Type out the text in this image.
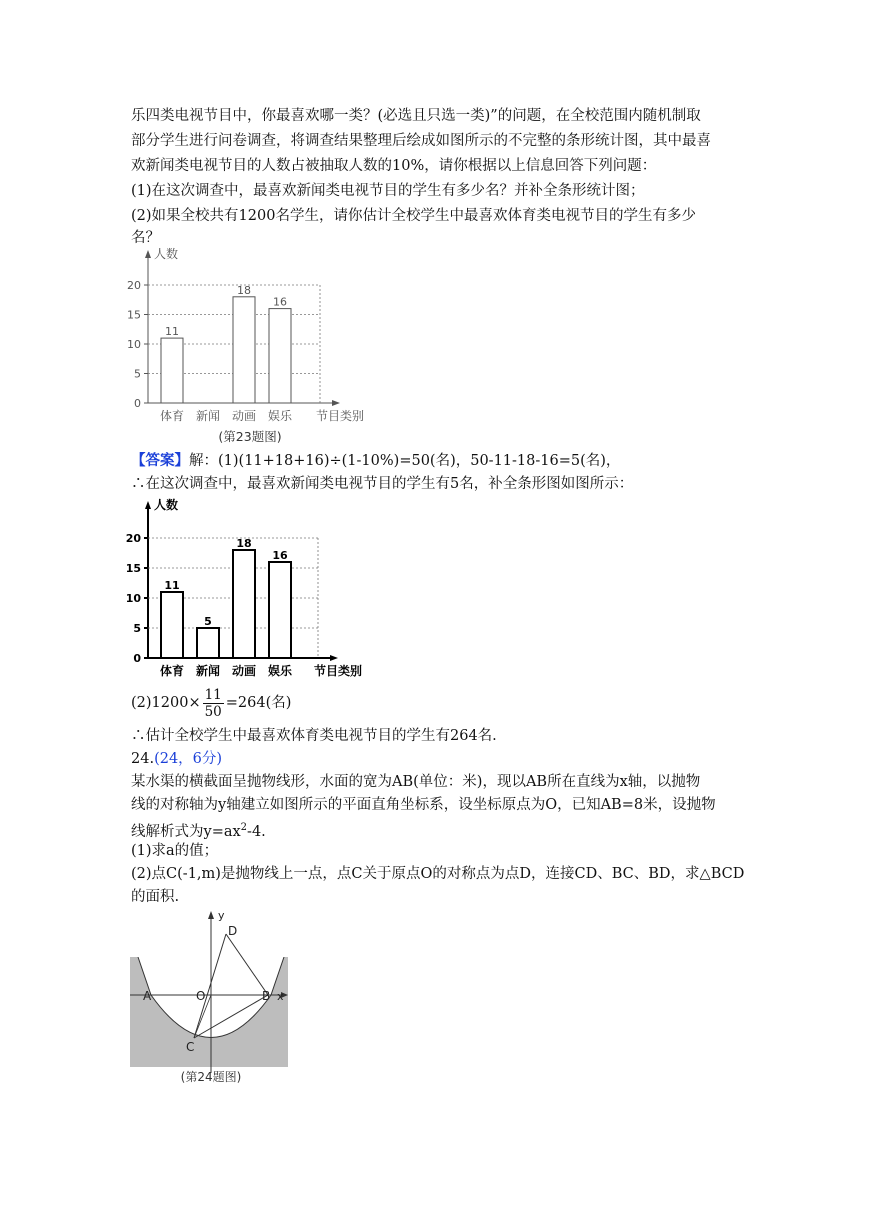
乐四类电视节目中，你最喜欢哪一类？(必选且只选一类)”的问题，在全校范围内随机制取
部分学生进行问卷调查，将调查结果整理后绘成如图所示的不完整的条形统计图，其中最喜
欢新闻类电视节目的人数占被抽取人数的10%，请你根据以上信息回答下列问题：
(1)在这次调查中，最喜欢新闻类电视节目的学生有多少名？并补全条形统计图；
(2)如果全校共有1200名学生，请你估计全校学生中最喜欢体育类电视节目的学生有多少
名？
人数
0
5
10
15
20
11
体育 新闻
18
动画
16
娱乐 节目类别
(第23题图)
【答案】解：(1)(11+18+16)÷(1-10%)=50(名)，50-11-18-16=5(名)，
∴在这次调查中，最喜欢新闻类电视节目的学生有5名，补全条形图如图所示：
人数
0
5
10
15
20
11
体育
5
新闻
18
动画
16
娱乐 节目类别
$(2)1200\times \frac{11}{50} =264$(名)
∴估计全校学生中最喜欢体育类电视节目的学生有264名.
24.(24，6分)
某水渠的横截面呈抛物线形，水面的宽为AB(单位：米)，现以AB所在直线为x轴，以抛物
线的对称轴为y轴建立如图所示的平面直角坐标系，设坐标原点为O，已知AB=8米，设抛物
线解析式为$y=ax^2-4$.
(1)求a的值；
(2)点C(-1,m)是抛物线上一点，点C关于原点O的对称点为点D，连接CD、BC、BD，求△BCD
的面积.
y
D
A	O	B x
C
(第24题图)
